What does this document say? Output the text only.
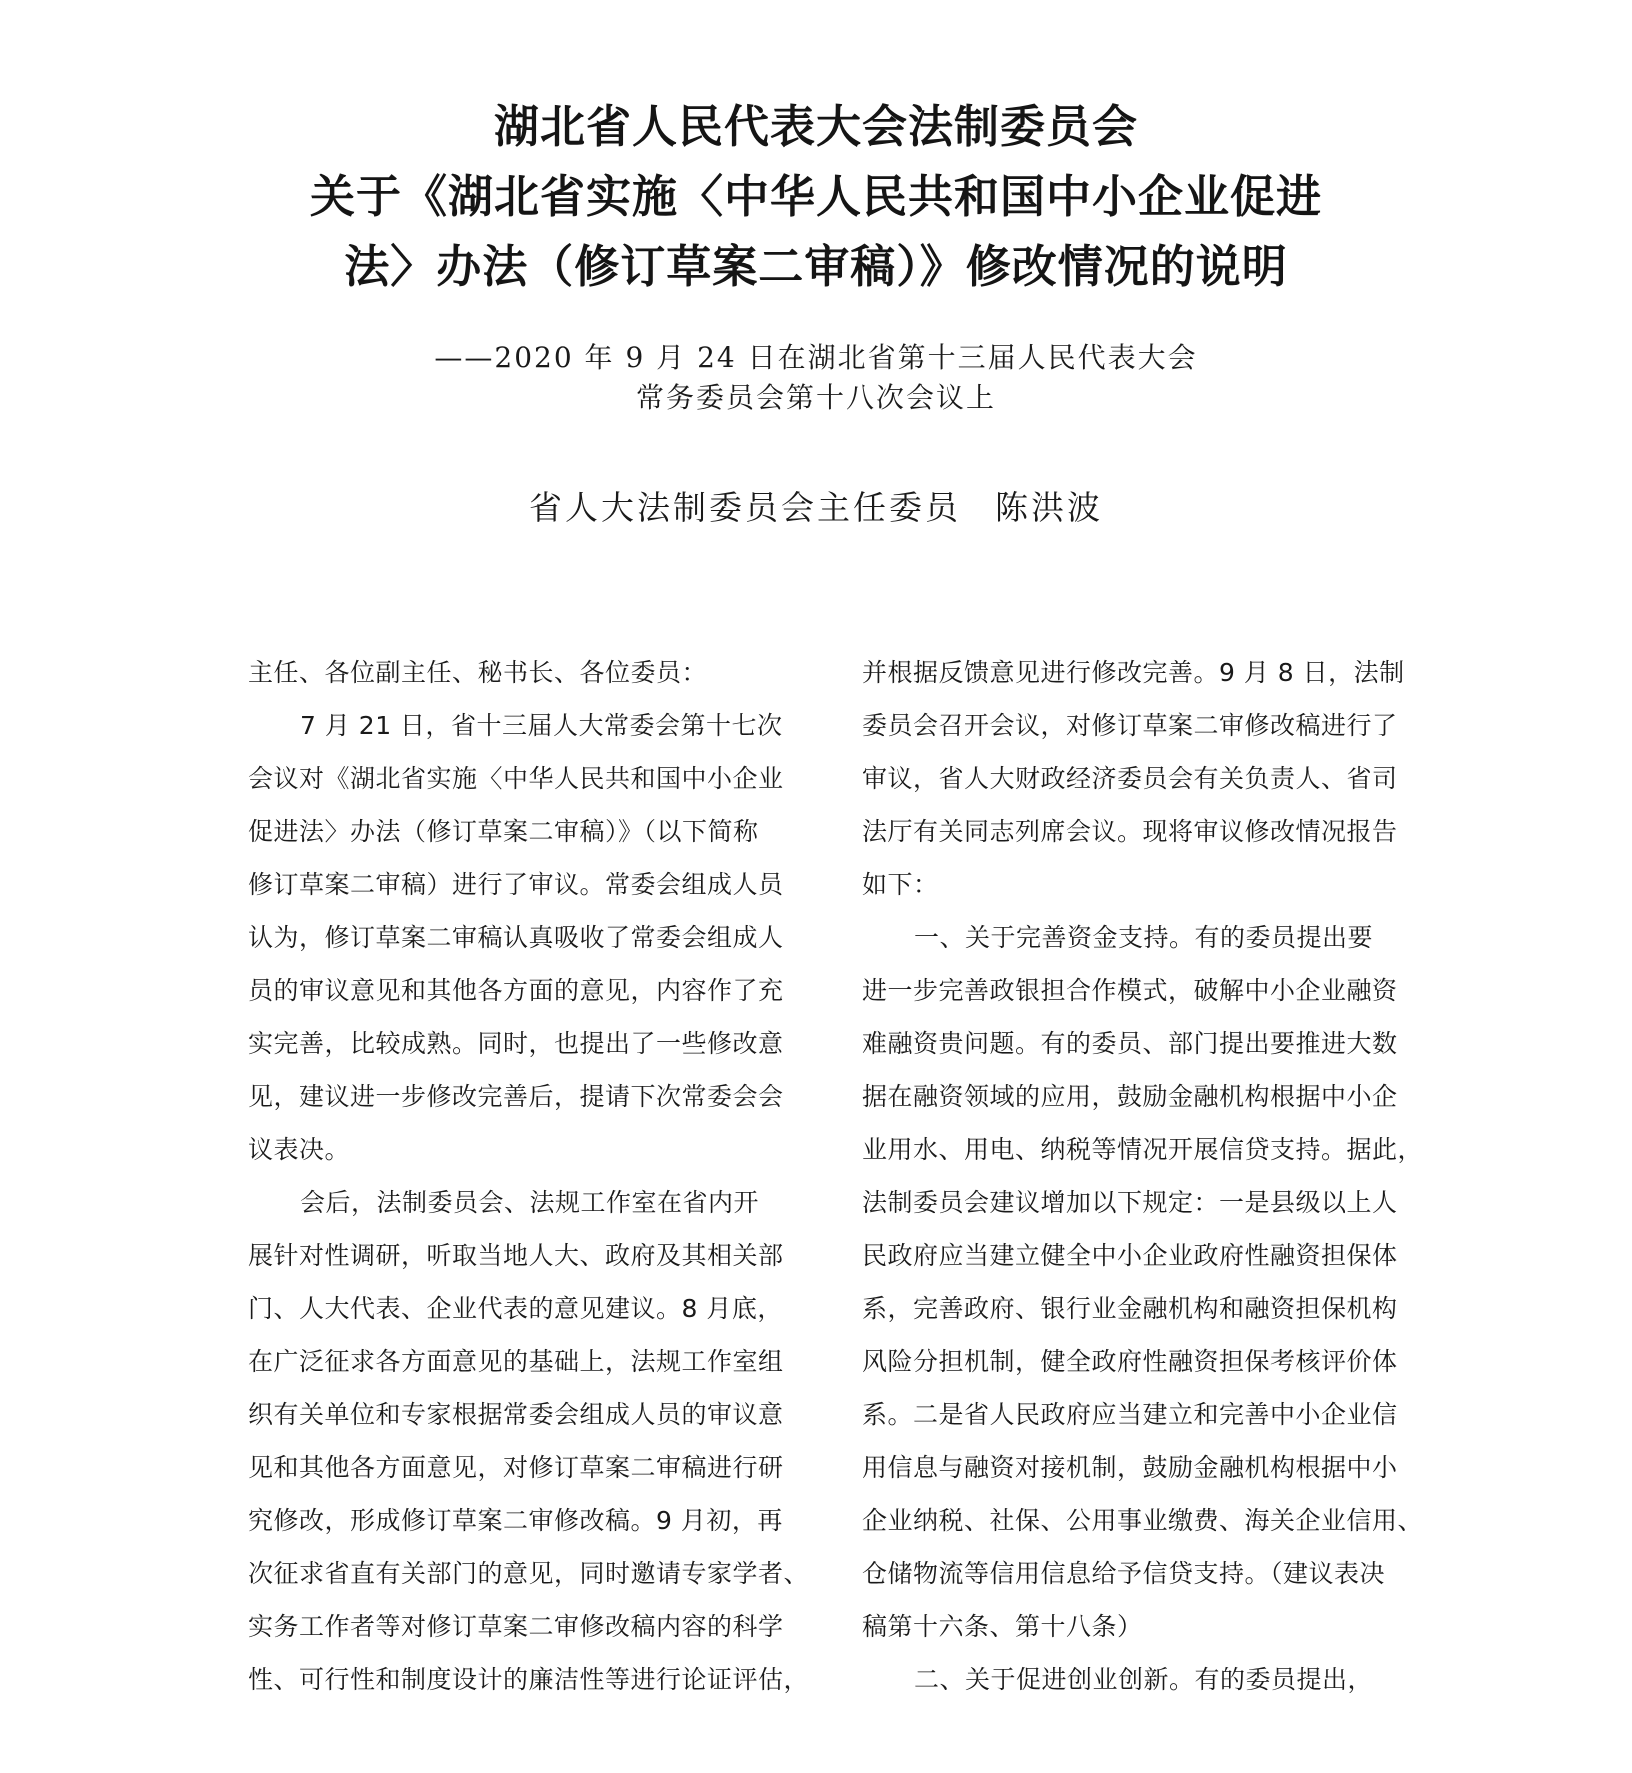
湖北省人民代表大会法制委员会
关于《湖北省实施〈中华人民共和国中小企业促进
法〉办法（修订草案二审稿）》修改情况的说明
——2020 年 9 月 24 日在湖北省第十三届人民代表大会
常务委员会第十八次会议上
省人大法制委员会主任委员 陈洪波
主任、各位副主任、秘书长、各位委员：
7 月 21 日，省十三届人大常委会第十七次
会议对《湖北省实施〈中华人民共和国中小企业
促进法〉办法（修订草案二审稿）》（以下简称
修订草案二审稿）进行了审议。常委会组成人员
认为，修订草案二审稿认真吸收了常委会组成人
员的审议意见和其他各方面的意见，内容作了充
实完善，比较成熟。同时，也提出了一些修改意
见，建议进一步修改完善后，提请下次常委会会
议表决。
会后，法制委员会、法规工作室在省内开
展针对性调研，听取当地人大、政府及其相关部
门、人大代表、企业代表的意见建议。8 月底，
在广泛征求各方面意见的基础上，法规工作室组
织有关单位和专家根据常委会组成人员的审议意
见和其他各方面意见，对修订草案二审稿进行研
究修改，形成修订草案二审修改稿。9 月初，再
次征求省直有关部门的意见，同时邀请专家学者、
实务工作者等对修订草案二审修改稿内容的科学
性、可行性和制度设计的廉洁性等进行论证评估，
并根据反馈意见进行修改完善。9 月 8 日，法制
委员会召开会议，对修订草案二审修改稿进行了
审议，省人大财政经济委员会有关负责人、省司
法厅有关同志列席会议。现将审议修改情况报告
如下：
一、关于完善资金支持。有的委员提出要
进一步完善政银担合作模式，破解中小企业融资
难融资贵问题。有的委员、部门提出要推进大数
据在融资领域的应用，鼓励金融机构根据中小企
业用水、用电、纳税等情况开展信贷支持。据此，
法制委员会建议增加以下规定：一是县级以上人
民政府应当建立健全中小企业政府性融资担保体
系，完善政府、银行业金融机构和融资担保机构
风险分担机制，健全政府性融资担保考核评价体
系。二是省人民政府应当建立和完善中小企业信
用信息与融资对接机制，鼓励金融机构根据中小
企业纳税、社保、公用事业缴费、海关企业信用、
仓储物流等信用信息给予信贷支持。（建议表决
稿第十六条、第十八条）
二、关于促进创业创新。有的委员提出，
